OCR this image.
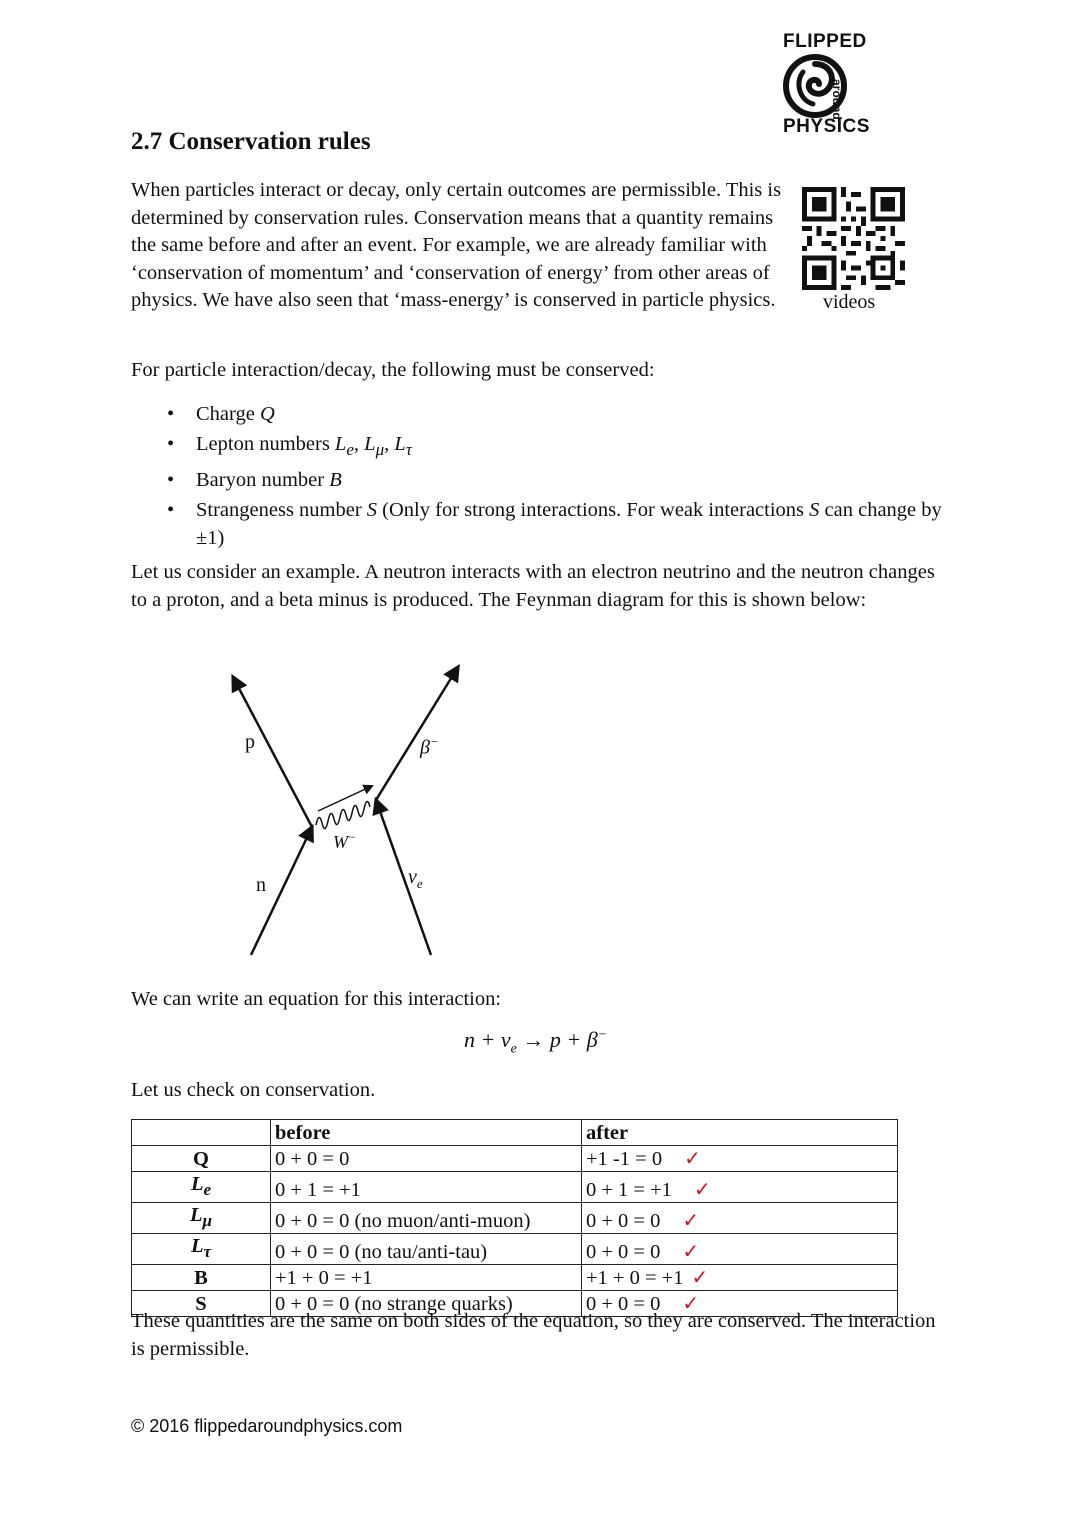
FLIPPED
around
PHYSICS
videos
2.7 Conservation rules

When particles interact or decay, only certain outcomes are permissible. This is determined by conservation rules. Conservation means that a quantity remains the same before and after an event. For example, we are already familiar with ‘conservation of momentum’ and ‘conservation of energy’ from other areas of physics. We have also seen that ‘mass-energy’ is conserved in particle physics.

For particle interaction/decay, the following must be conserved:

• Charge Q
• Lepton numbers $L_e$, $L_\mu$, $L_\tau$
• Baryon number B
• Strangeness number S (Only for strong interactions. For weak interactions S can change by ±1)

Let us consider an example. A neutron interacts with an electron neutrino and the neutron changes to a proton, and a beta minus is produced. The Feynman diagram for this is shown below:

p
n
β−
$\nu_e$
W−

We can write an equation for this interaction:

$n + \nu_e \to p + \beta^-$

Let us check on conservation.

	before	after
Q	0 + 0 = 0	+1 -1 = 0 ✓
$L_e$	0 + 1 = +1	0 + 1 = +1 ✓
$L_\mu$	0 + 0 = 0 (no muon/anti-muon)	0 + 0 = 0 ✓
$L_\tau$	0 + 0 = 0 (no tau/anti-tau)	0 + 0 = 0 ✓
B	+1 + 0 = +1	+1 + 0 = +1 ✓
S	0 + 0 = 0 (no strange quarks)	0 + 0 = 0 ✓

These quantities are the same on both sides of the equation, so they are conserved. The interaction is permissible.

© 2016 flippedaroundphysics.com
